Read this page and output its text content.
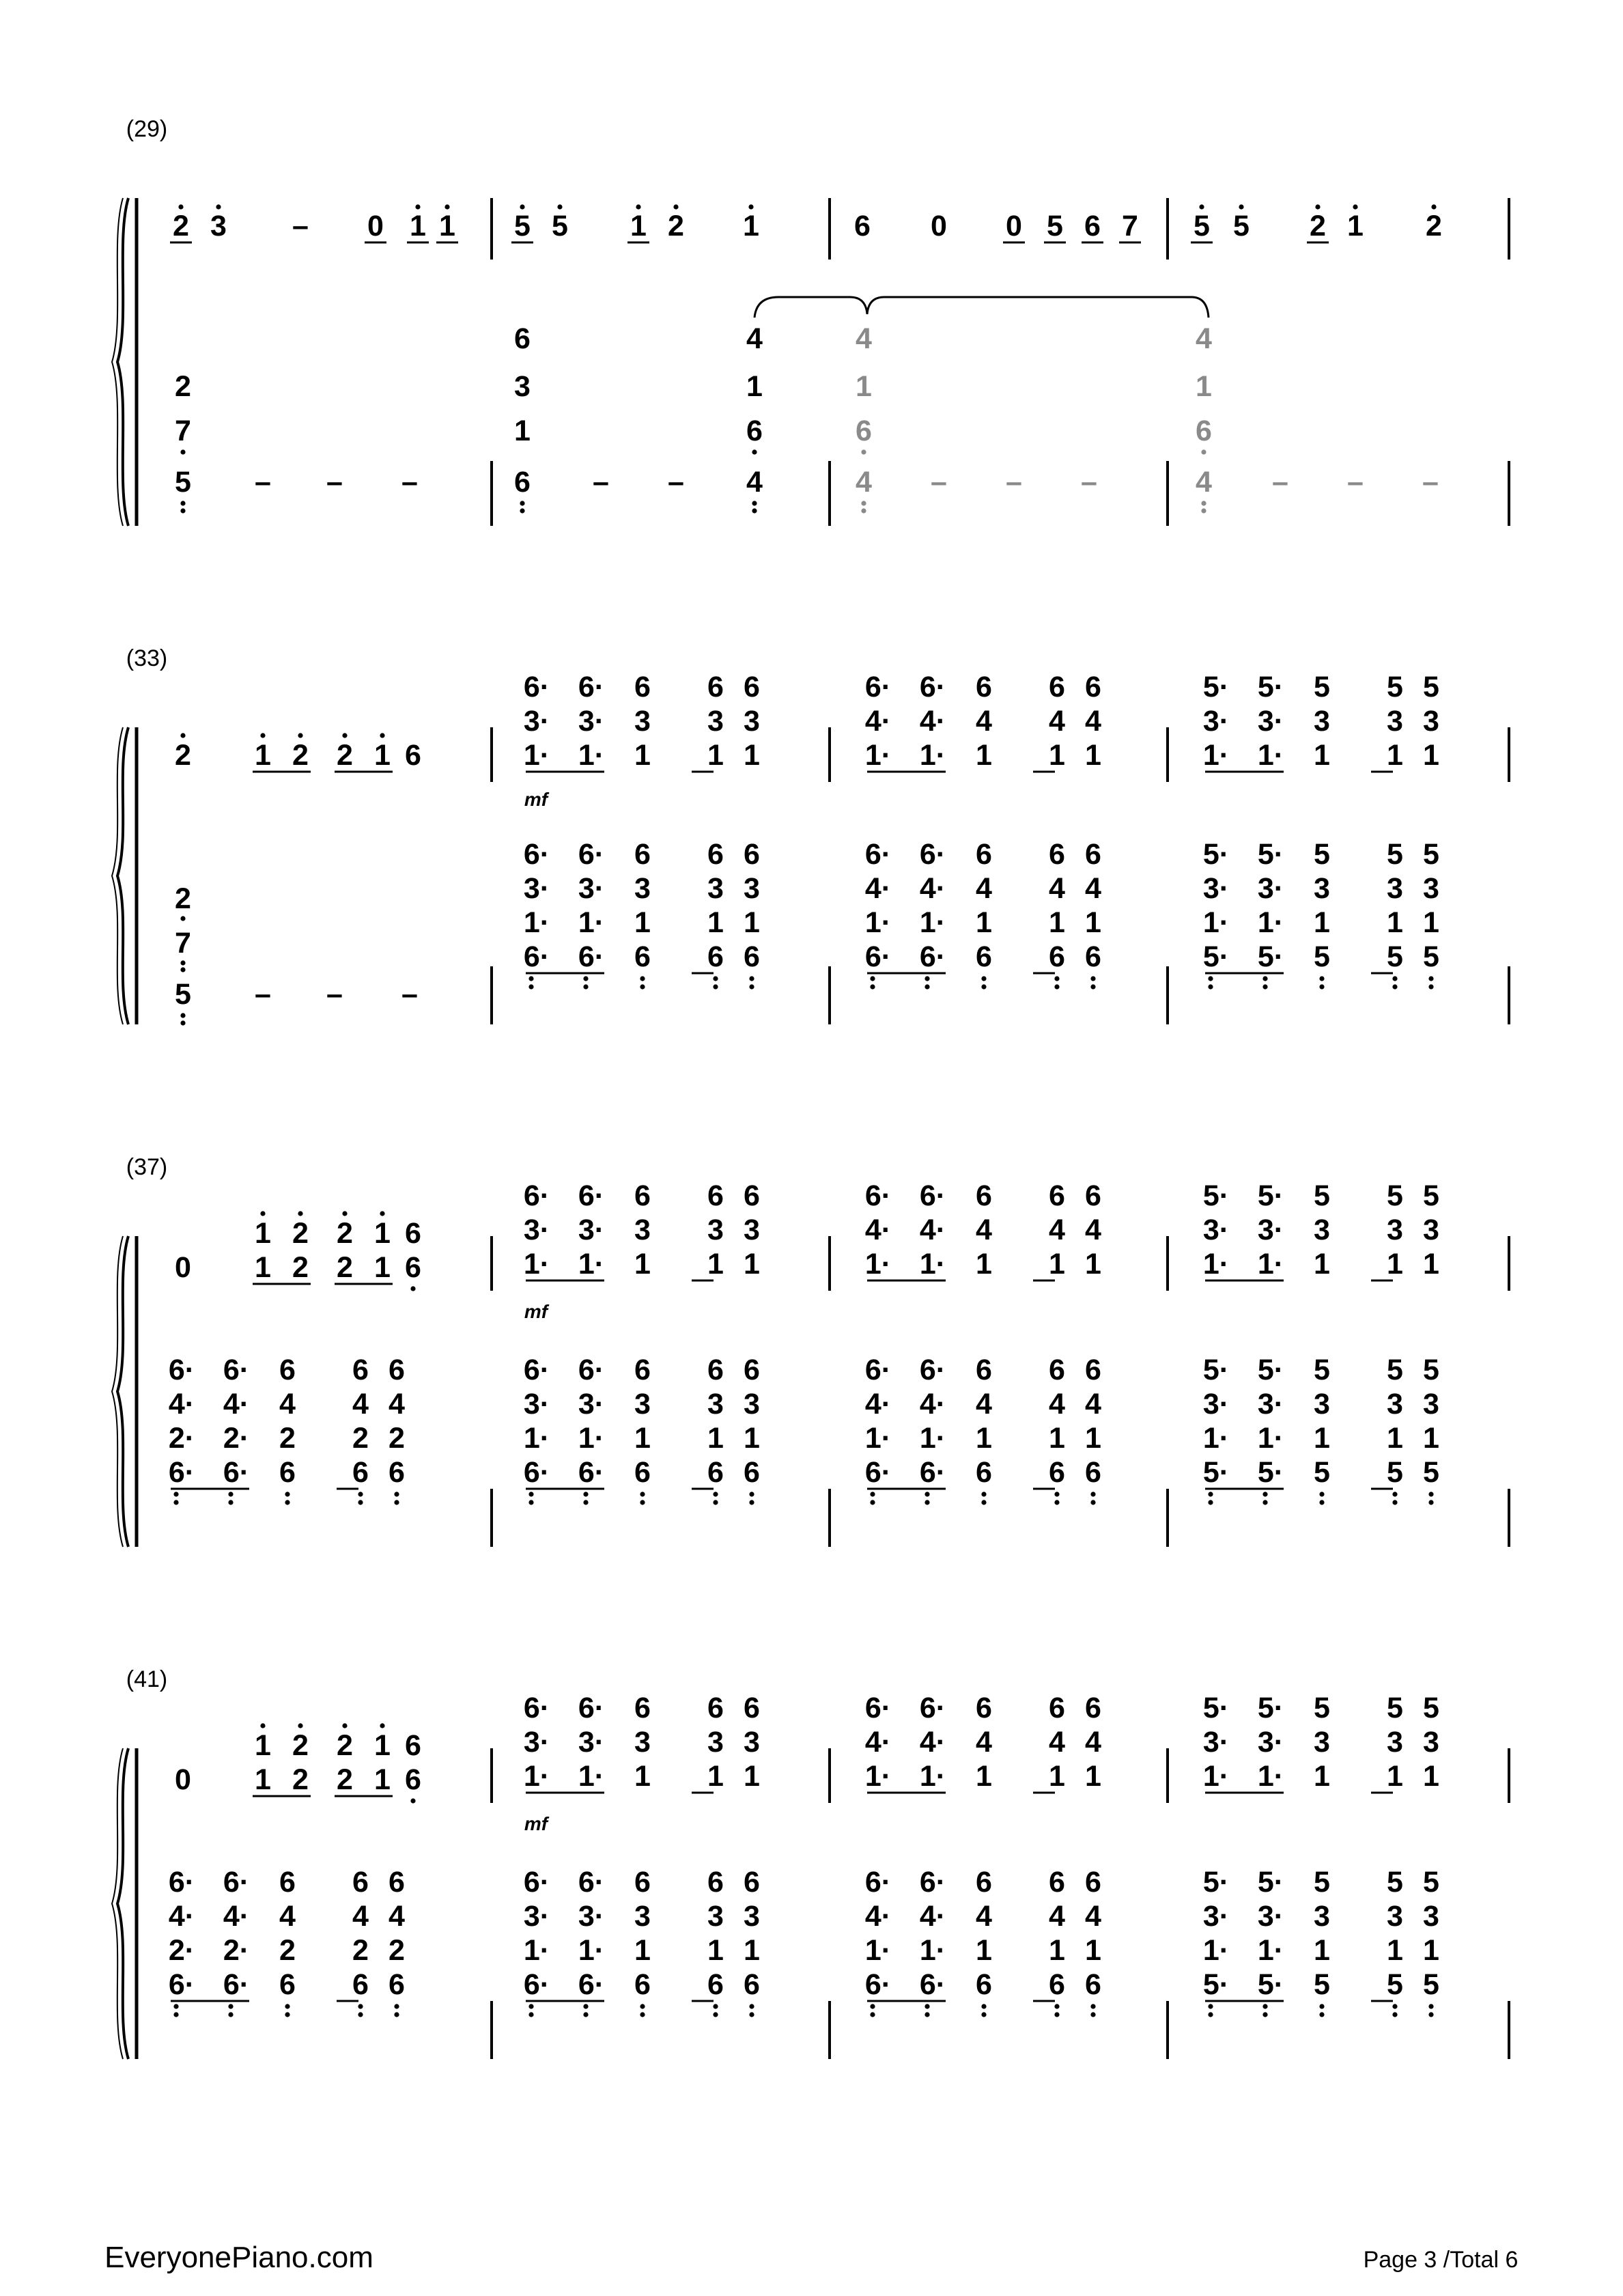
(29)
2 3 – 0 1 1 5 5 1 2 1	6 0 0 5 6 7 5 5 2 1 2
2
7
5 – – –
6
3
1
6 – –
4
1
6
4
4
1
6
4 – – –
4
1
6
4 – – –
(33)
2 1 2 2 1 6
6· 6· 6 6 6
3· 3· 3 3 3
1· 1· 1 1 1
6· 6· 6 6 6
4· 4· 4 4 4
1· 1· 1 1 1
5· 5· 5 5 5
3· 3· 3 3 3
1· 1· 1 1 1
mf
2
7
5 – – –
6· 6· 6 6 6
3· 3· 3 3 3
1· 1· 1 1 1
6· 6· 6 6 6
6· 6· 6 6 6
4· 4· 4 4 4
1· 1· 1 1 1
6· 6· 6 6 6
5· 5· 5 5 5
3· 3· 3 3 3
1· 1· 1 1 1
5· 5· 5 5 5
(37)
0
1 2 2 1 6
1 2 2 1 6
6· 6· 6 6 6
3· 3· 3 3 3
1· 1· 1 1 1
6· 6· 6 6 6
4· 4· 4 4 4
1· 1· 1 1 1
5· 5· 5 5 5
3· 3· 3 3 3
1· 1· 1 1 1
mf
6· 6· 6 6 6
4· 4· 4 4 4
2· 2· 2 2 2
6· 6· 6 6 6
6· 6· 6 6 6
3· 3· 3 3 3
1· 1· 1 1 1
6· 6· 6 6 6
6· 6· 6 6 6
4· 4· 4 4 4
1· 1· 1 1 1
6· 6· 6 6 6
5· 5· 5 5 5
3· 3· 3 3 3
1· 1· 1 1 1
5· 5· 5 5 5
(41)
0
1 2 2 1 6
1 2 2 1 6
6· 6· 6 6 6
3· 3· 3 3 3
1· 1· 1 1 1
6· 6· 6 6 6
4· 4· 4 4 4
1· 1· 1 1 1
5· 5· 5 5 5
3· 3· 3 3 3
1· 1· 1 1 1
mf
6· 6· 6 6 6
4· 4· 4 4 4
2· 2· 2 2 2
6· 6· 6 6 6
6· 6· 6 6 6
3· 3· 3 3 3
1· 1· 1 1 1
6· 6· 6 6 6
6· 6· 6 6 6
4· 4· 4 4 4
1· 1· 1 1 1
6· 6· 6 6 6
5· 5· 5 5 5
3· 3· 3 3 3
1· 1· 1 1 1
5· 5· 5 5 5
EveryonePiano.com	Page 3 /Total 6
